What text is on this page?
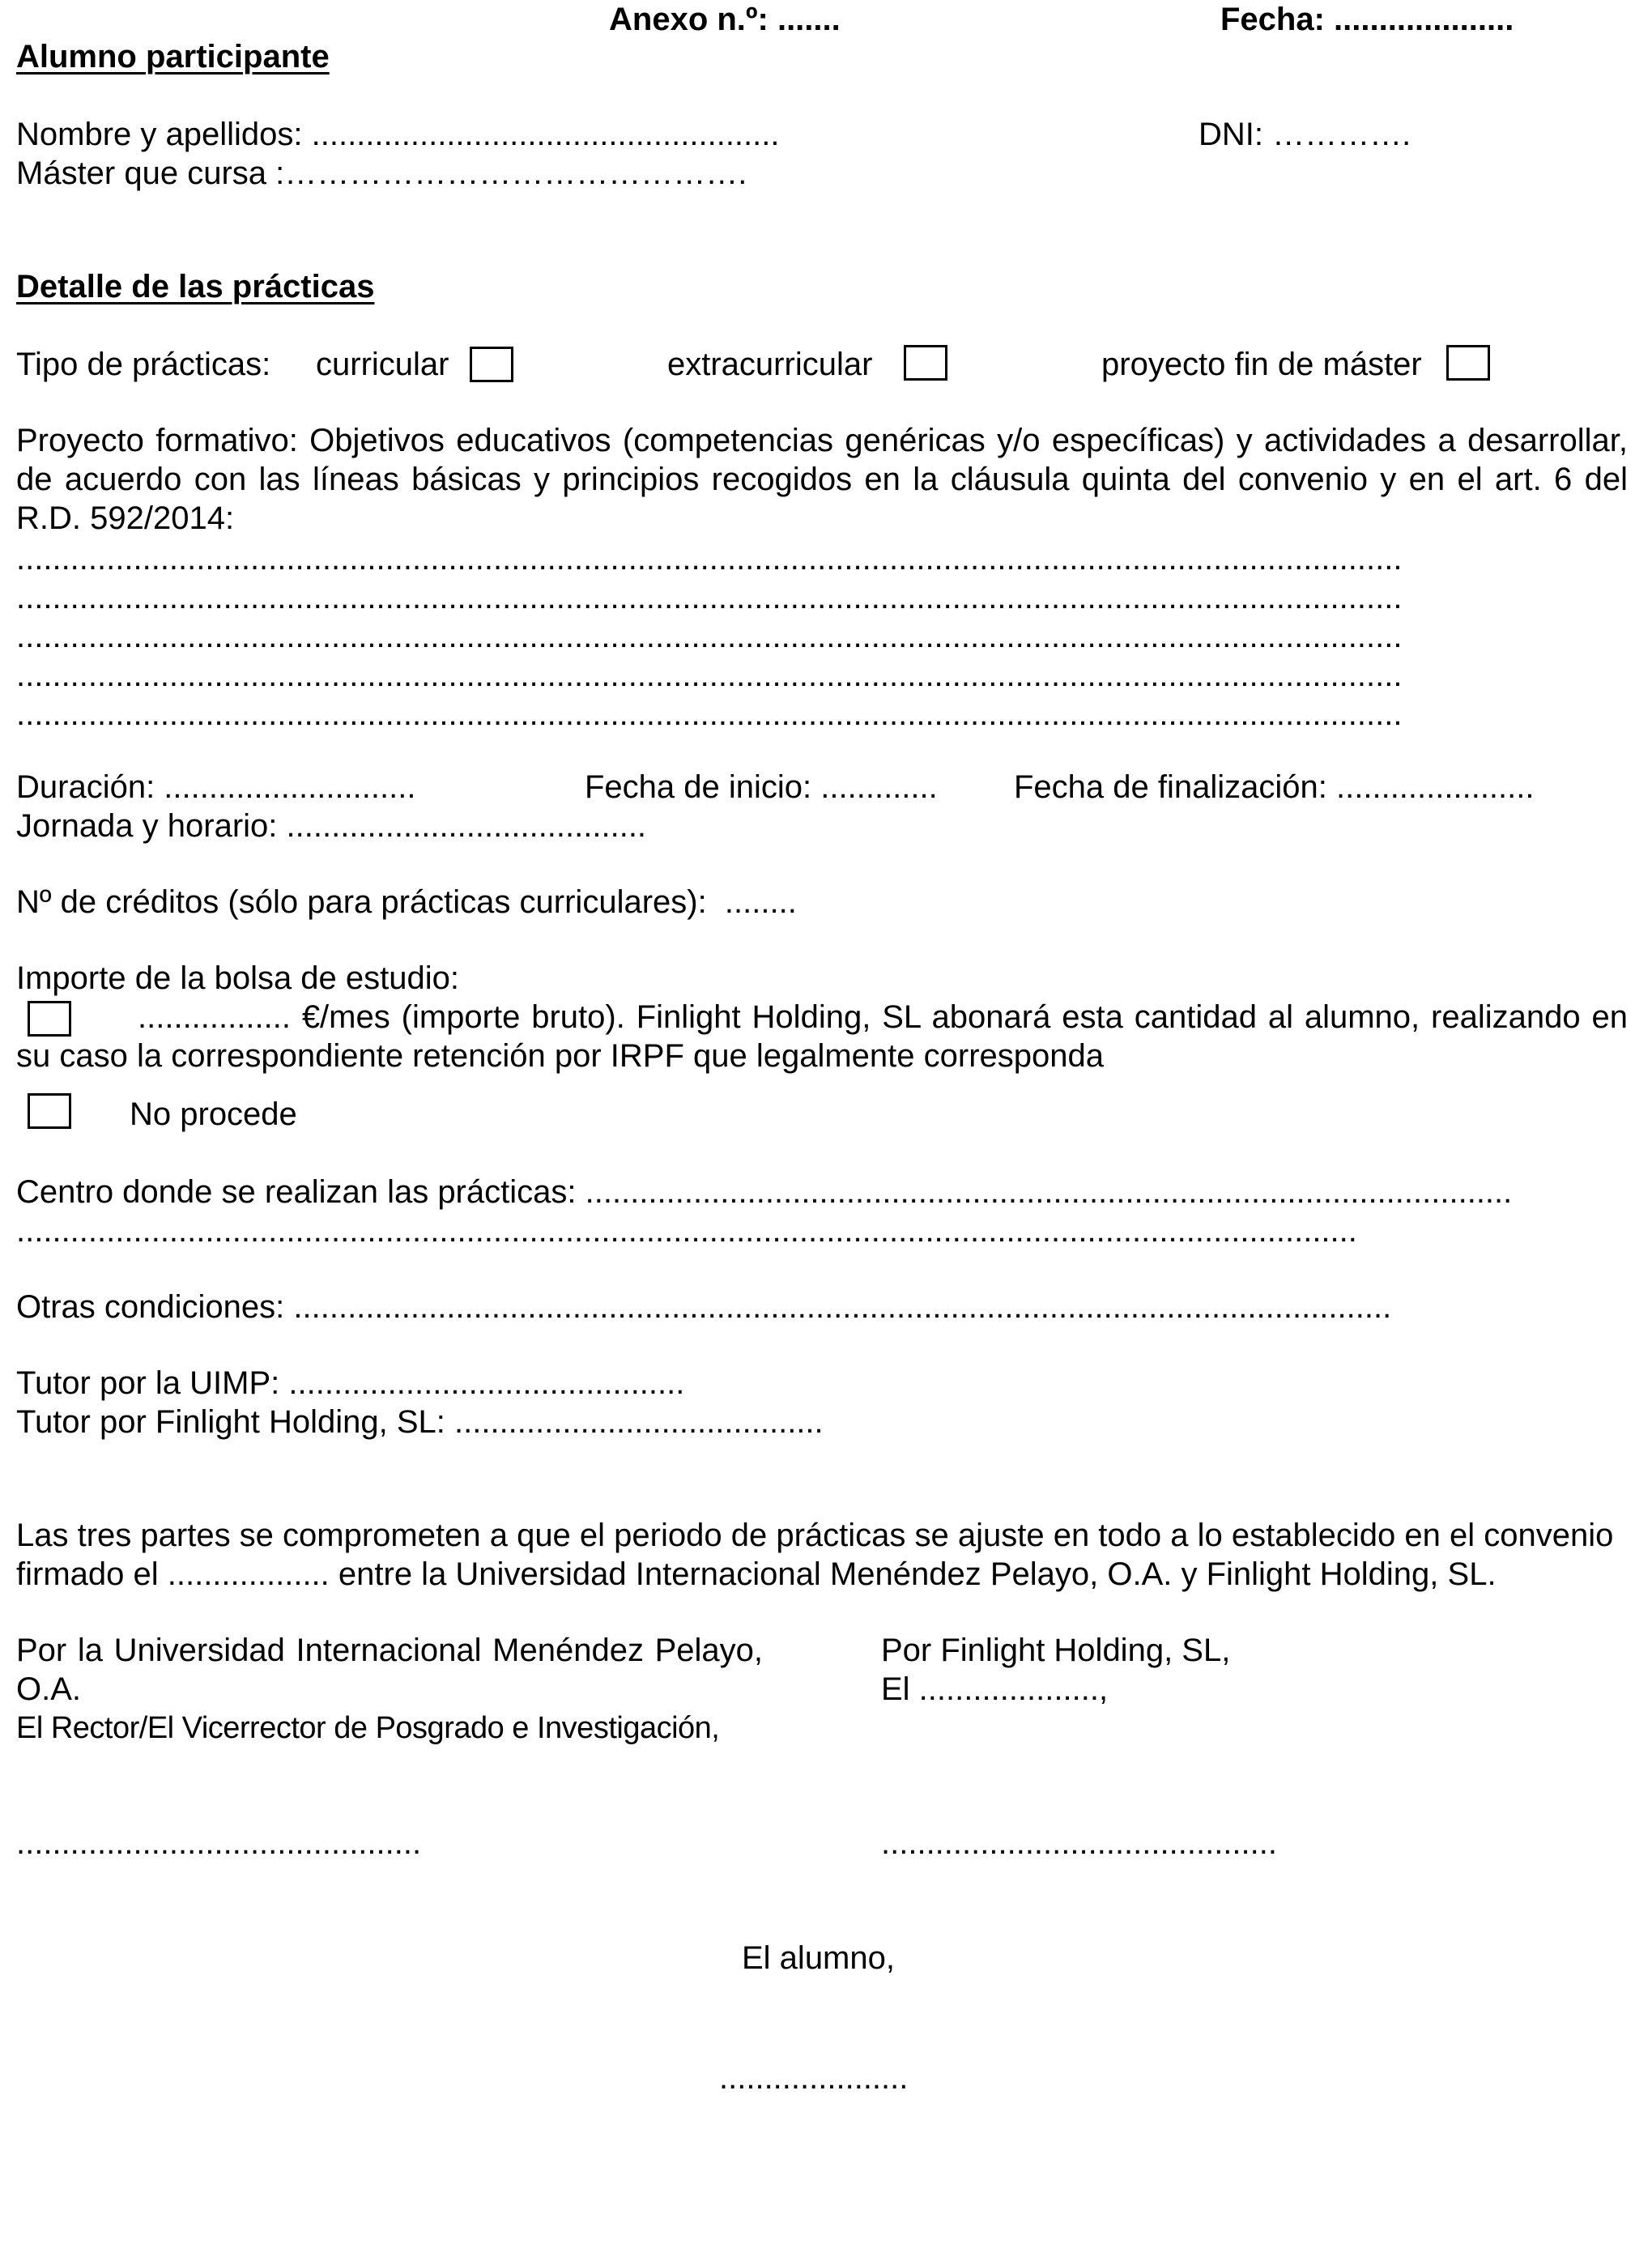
Anexo n.º: .......	Fecha: ....................
Alumno participante
Nombre y apellidos: ....................................................	DNI: ………….
Máster que cursa :…………………………………….
Detalle de las prácticas
Tipo de prácticas: curricular	extracurricular	proyecto fin de máster
Proyecto formativo: Objetivos educativos (competencias genéricas y/o específicas) y actividades a desarrollar, de acuerdo con las líneas básicas y principios recogidos en la cláusula quinta del convenio y en el art. 6 del R.D. 592/2014:
..........................................................................................................................................................
..........................................................................................................................................................
..........................................................................................................................................................
..........................................................................................................................................................
..........................................................................................................................................................
Duración: ............................	Fecha de inicio: ............. Fecha de finalización: ......................
Jornada y horario: ........................................
Nº de créditos (sólo para prácticas curriculares):  ........
Importe de la bolsa de estudio:
................. €/mes (importe bruto). Finlight Holding, SL abonará esta cantidad al alumno, realizando en su caso la correspondiente retención por IRPF que legalmente corresponda
No procede
Centro donde se realizan las prácticas: .......................................................................................................
.....................................................................................................................................................
Otras condiciones: ..........................................................................................................................
Tutor por la UIMP: ............................................
Tutor por Finlight Holding, SL: .........................................
Las tres partes se comprometen a que el periodo de prácticas se ajuste en todo a lo establecido en el convenio firmado el .................. entre la Universidad Internacional Menéndez Pelayo, O.A. y Finlight Holding, SL.
Por la Universidad Internacional Menéndez Pelayo, O.A.
El Rector/El Vicerrector de Posgrado e Investigación,
Por Finlight Holding, SL,
El ....................,
.............................................	............................................
El alumno,
.....................
